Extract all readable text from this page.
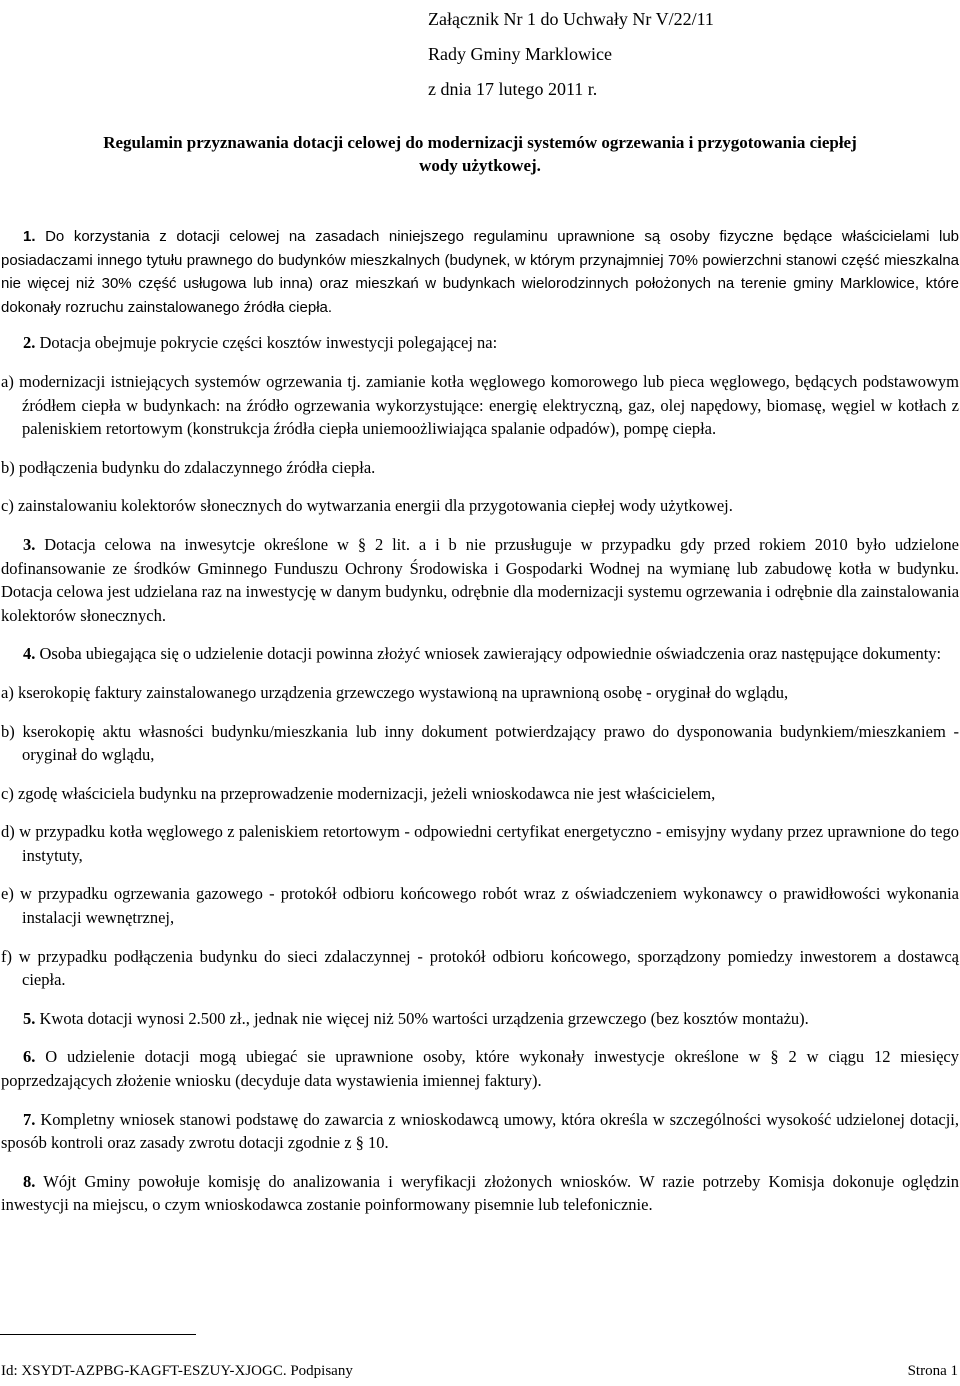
Załącznik Nr 1 do Uchwały Nr V/22/11
Rady Gminy Marklowice
z dnia 17 lutego 2011 r.
Regulamin przyznawania dotacji celowej do modernizacji systemów ogrzewania i przygotowania ciepłej
wody użytkowej.

1. Do korzystania z dotacji celowej na zasadach niniejszego regulaminu uprawnione są osoby fizyczne będące właścicielami lub posiadaczami innego tytułu prawnego do budynków mieszkalnych (budynek, w którym przynajmniej 70% powierzchni stanowi część mieszkalna nie więcej niż 30% część usługowa lub inna) oraz mieszkań w budynkach wielorodzinnych położonych na terenie gminy Marklowice, które dokonały rozruchu zainstalowanego źródła ciepła.

2. Dotacja obejmuje pokrycie części kosztów inwestycji polegającej na:

a) modernizacji istniejących systemów ogrzewania tj. zamianie kotła węglowego komorowego lub pieca węglowego, będących podstawowym źródłem ciepła w budynkach: na źródło ogrzewania wykorzystujące: energię elektryczną, gaz, olej napędowy, biomasę, węgiel w kotłach z paleniskiem retortowym (konstrukcja źródła ciepła uniemoożliwiająca spalanie odpadów), pompę ciepła.

b) podłączenia budynku do zdalaczynnego źródła ciepła.

c) zainstalowaniu kolektorów słonecznych do wytwarzania energii dla przygotowania ciepłej wody użytkowej.

3. Dotacja celowa na inwesytcje określone w § 2 lit. a i b nie przusługuje w przypadku gdy przed rokiem 2010 było udzielone dofinansowanie ze środków Gminnego Funduszu Ochrony Środowiska i Gospodarki Wodnej na wymianę lub zabudowę kotła w budynku. Dotacja celowa jest udzielana raz na inwestycję w danym budynku, odrębnie dla modernizacji systemu ogrzewania i odrębnie dla zainstalowania kolektorów słonecznych.

4. Osoba ubiegająca się o udzielenie dotacji powinna złożyć wniosek zawierający odpowiednie oświadczenia oraz następujące dokumenty:

a) kserokopię faktury zainstalowanego urządzenia grzewczego wystawioną na uprawnioną osobę - oryginał do wglądu,

b) kserokopię aktu własności budynku/mieszkania lub inny dokument potwierdzający prawo do dysponowania budynkiem/mieszkaniem - oryginał do wglądu,

c) zgodę właściciela budynku na przeprowadzenie modernizacji, jeżeli wnioskodawca nie jest właścicielem,

d) w przypadku kotła węglowego z paleniskiem retortowym - odpowiedni certyfikat energetyczno - emisyjny wydany przez uprawnione do tego instytuty,

e) w przypadku ogrzewania gazowego - protokół odbioru końcowego robót wraz z oświadczeniem wykonawcy o prawidłowości wykonania instalacji wewnętrznej,

f) w przypadku podłączenia budynku do sieci zdalaczynnej - protokół odbioru końcowego, sporządzony pomiedzy inwestorem a dostawcą ciepła.

5. Kwota dotacji wynosi 2.500 zł., jednak nie więcej niż 50% wartości urządzenia grzewczego (bez kosztów montażu).

6. O udzielenie dotacji mogą ubiegać sie uprawnione osoby, które wykonały inwestycje określone w § 2 w ciągu 12 miesięcy poprzedzających złożenie wniosku (decyduje data wystawienia imiennej faktury).

7. Kompletny wniosek stanowi podstawę do zawarcia z wnioskodawcą umowy, która określa w szczególności wysokość udzielonej dotacji, sposób kontroli oraz zasady zwrotu dotacji zgodnie z § 10.

8. Wójt Gminy powołuje komisję do analizowania i weryfikacji złożonych wniosków. W razie potrzeby Komisja dokonuje oględzin inwestycji na miejscu, o czym wnioskodawca zostanie poinformowany pisemnie lub telefonicznie.

Id: XSYDT-AZPBG-KAGFT-ESZUY-XJOGC. Podpisany	Strona 1
